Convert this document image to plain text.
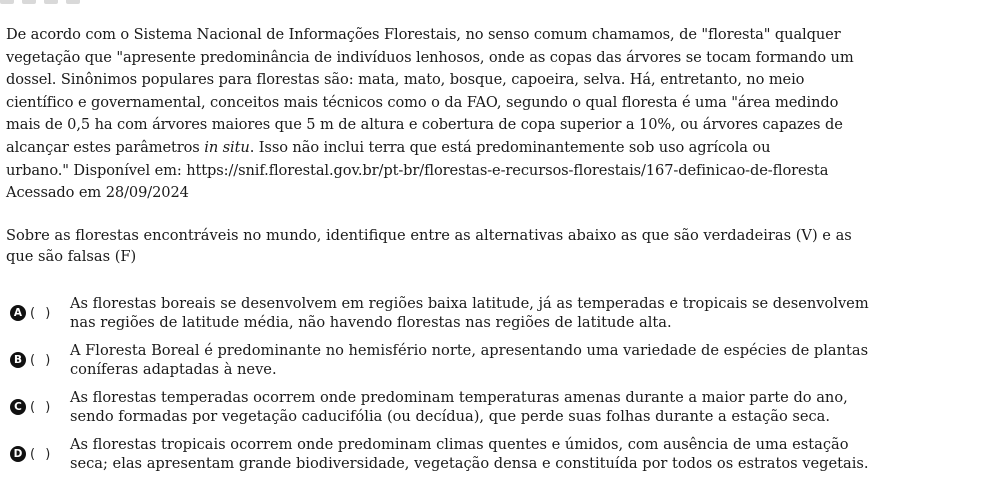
De acordo com o Sistema Nacional de Informações Florestais, no senso comum chamamos, de "floresta" qualquer
vegetação que "apresente predominância de indivíduos lenhosos, onde as copas das árvores se tocam formando um
dossel. Sinônimos populares para florestas são: mata, mato, bosque, capoeira, selva. Há, entretanto, no meio
científico e governamental, conceitos mais técnicos como o da FAO, segundo o qual floresta é uma "área medindo
mais de 0,5 ha com árvores maiores que 5 m de altura e cobertura de copa superior a 10%, ou árvores capazes de
alcançar estes parâmetros in situ. Isso não inclui terra que está predominantemente sob uso agrícola ou
urbano." Disponível em: https://snif.florestal.gov.br/pt-br/florestas-e-recursos-florestais/167-definicao-de-floresta
Acessado em 28/09/2024
Sobre as florestas encontráveis no mundo, identifique entre as alternativas abaixo as que são verdadeiras (V) e as
que são falsas (F)
A ( )
As florestas boreais se desenvolvem em regiões baixa latitude, já as temperadas e tropicais se desenvolvem
nas regiões de latitude média, não havendo florestas nas regiões de latitude alta.
B ( )
A Floresta Boreal é predominante no hemisfério norte, apresentando uma variedade de espécies de plantas
coníferas adaptadas à neve.
C ( )
As florestas temperadas ocorrem onde predominam temperaturas amenas durante a maior parte do ano,
sendo formadas por vegetação caducifólia (ou decídua), que perde suas folhas durante a estação seca.
D ( )
As florestas tropicais ocorrem onde predominam climas quentes e úmidos, com ausência de uma estação
seca; elas apresentam grande biodiversidade, vegetação densa e constituída por todos os estratos vegetais.
